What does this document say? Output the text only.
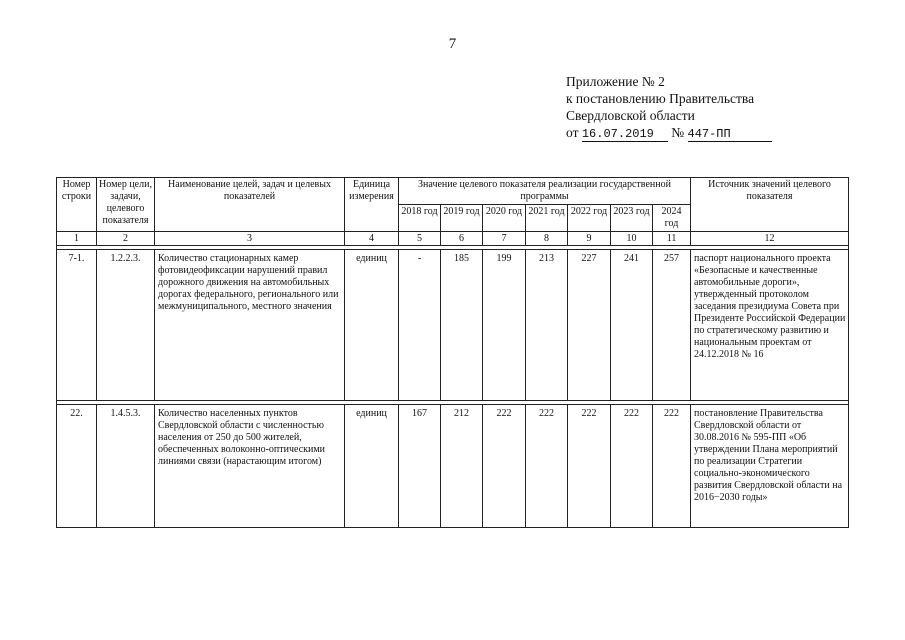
7
Приложение № 2
к постановлению Правительства
Свердловской области
от 16.07.2019 № 447-ПП
Номер строки	Номер цели, задачи, целевого показателя	Наименование целей, задач и целевых показателей	Единица измерения	Значение целевого показателя реализации государственной программы							Источник значений целевого показателя
				2018 год	2019 год	2020 год	2021 год	2022 год	2023 год	2024 год	
1	2	3	4	5	6	7	8	9	10	11	12

7-1.	1.2.2.3.	Количество стационарных камер фотовидеофиксации нарушений правил дорожного движения на автомобильных дорогах федерального, регионального или межмуниципального, местного значения	единиц	-	185	199	213	227	241	257	паспорт национального проекта «Безопасные и качественные автомобильные дороги», утвержденный протоколом заседания президиума Совета при Президенте Российской Федерации по стратегическому развитию и национальным проектам от 24.12.2018 № 16

22.	1.4.5.3.	Количество населенных пунктов Свердловской области с численностью населения от 250 до 500 жителей, обеспеченных волоконно-оптическими линиями связи (нарастающим итогом)	единиц	167	212	222	222	222	222	222	постановление Правительства Свердловской области от 30.08.2016 № 595-ПП «Об утверждении Плана мероприятий по реализации Стратегии социально-экономического развития Свердловской области на 2016−2030 годы»
